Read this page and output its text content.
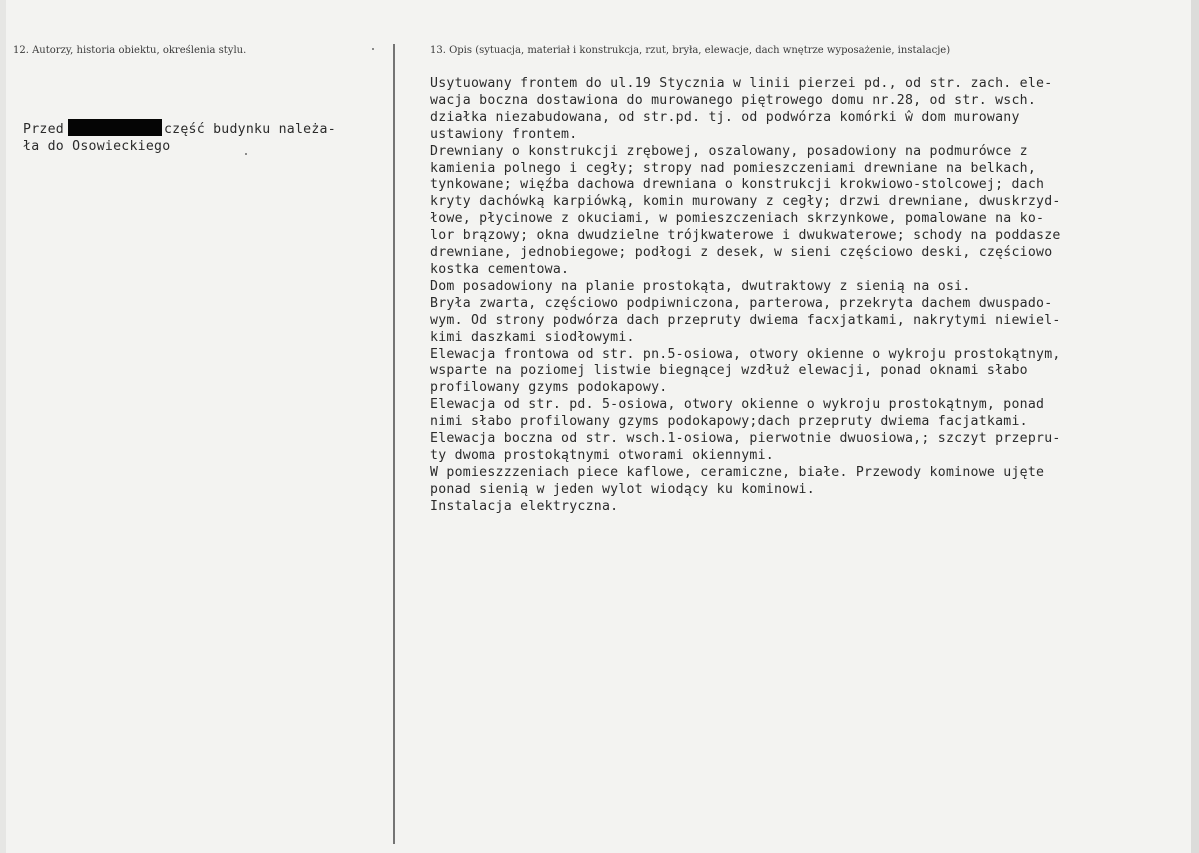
12. Autorzy, historia obiektu, określenia stylu.	13. Opis (sytuacja, materiał i konstrukcja, rzut, bryła, elewacje, dach wnętrze wyposażenie, instalacje)
Przed	część budynku należa-
ła do Osowieckiego
Usytuowany frontem do ul.19 Stycznia w linii pierzei pd., od str. zach. ele-
wacja boczna dostawiona do murowanego piętrowego domu nr.28, od str. wsch.
działka niezabudowana, od str.pd. tj. od podwórza komórki ŵ dom murowany
ustawiony frontem.
Drewniany o konstrukcji zrębowej, oszalowany, posadowiony na podmurówce z
kamienia polnego i cegły; stropy nad pomieszczeniami drewniane na belkach,
tynkowane; więźba dachowa drewniana o konstrukcji krokwiowo-stolcowej; dach
kryty dachówką karpiówką, komin murowany z cegły; drzwi drewniane, dwuskrzyd-
łowe, płycinowe z okuciami, w pomieszczeniach skrzynkowe, pomalowane na ko-
lor brązowy; okna dwudzielne trójkwaterowe i dwukwaterowe; schody na poddasze
drewniane, jednobiegowe; podłogi z desek, w sieni częściowo deski, częściowo
kostka cementowa.
Dom posadowiony na planie prostokąta, dwutraktowy z sienią na osi.
Bryła zwarta, częściowo podpiwniczona, parterowa, przekryta dachem dwuspado-
wym. Od strony podwórza dach przepruty dwiema facxjatkami, nakrytymi niewiel-
kimi daszkami siodłowymi.
Elewacja frontowa od str. pn.5-osiowa, otwory okienne o wykroju prostokątnym,
wsparte na poziomej listwie biegnącej wzdłuż elewacji, ponad oknami słabo
profilowany gzyms podokapowy.
Elewacja od str. pd. 5-osiowa, otwory okienne o wykroju prostokątnym, ponad
nimi słabo profilowany gzyms podokapowy;dach przepruty dwiema facjatkami.
Elewacja boczna od str. wsch.1-osiowa, pierwotnie dwuosiowa,; szczyt przepru-
ty dwoma prostokątnymi otworami okiennymi.
W pomieszzzeniach piece kaflowe, ceramiczne, białe. Przewody kominowe ujęte
ponad sienią w jeden wylot wiodący ku kominowi.
Instalacja elektryczna.
